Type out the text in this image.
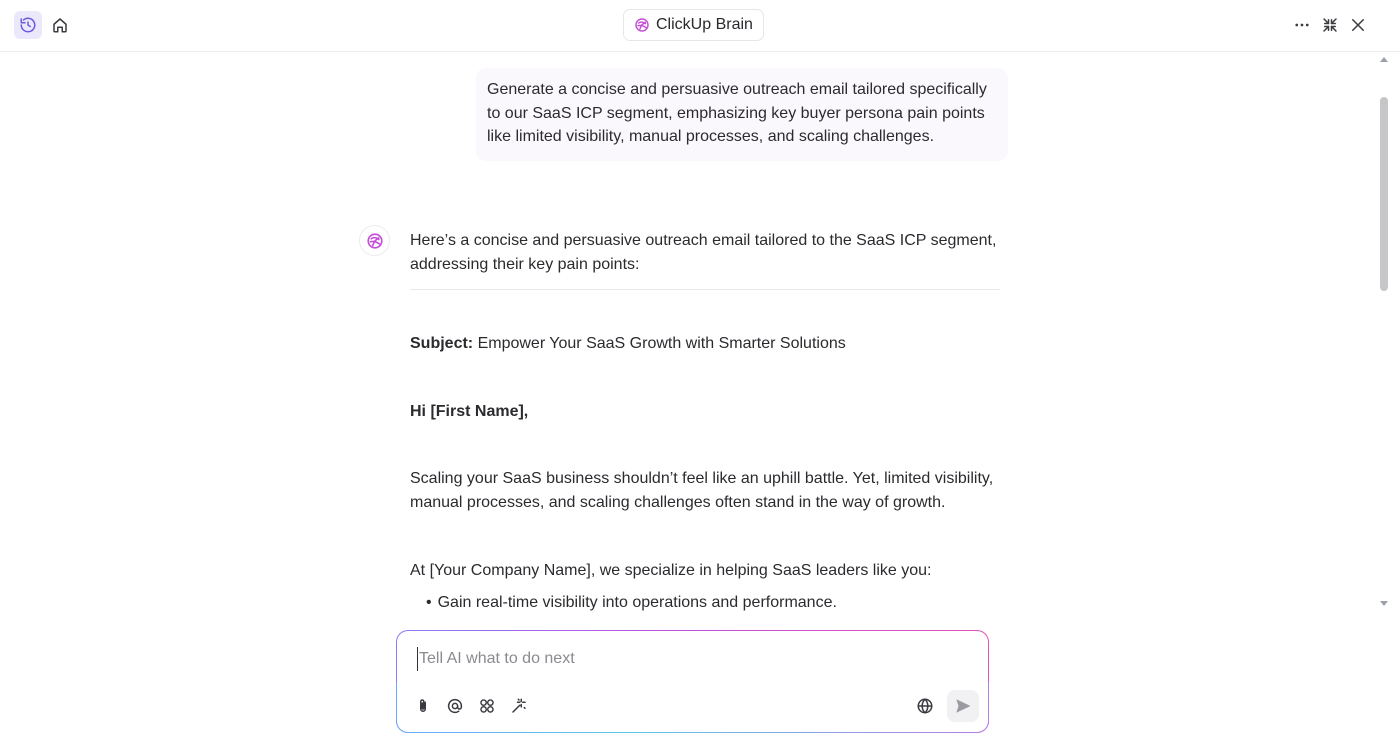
ClickUp Brain
Generate a concise and persuasive outreach email tailored specifically to our SaaS ICP segment, emphasizing key buyer persona pain points like limited visibility, manual processes, and scaling challenges.
Here’s a concise and persuasive outreach email tailored to the SaaS ICP segment, addressing their key pain points:
Subject: Empower Your SaaS Growth with Smarter Solutions
Hi [First Name],
Scaling your SaaS business shouldn’t feel like an uphill battle. Yet, limited visibility, manual processes, and scaling challenges often stand in the way of growth.
At [Your Company Name], we specialize in helping SaaS leaders like you:
• Gain real-time visibility into operations and performance.
Tell AI what to do next
